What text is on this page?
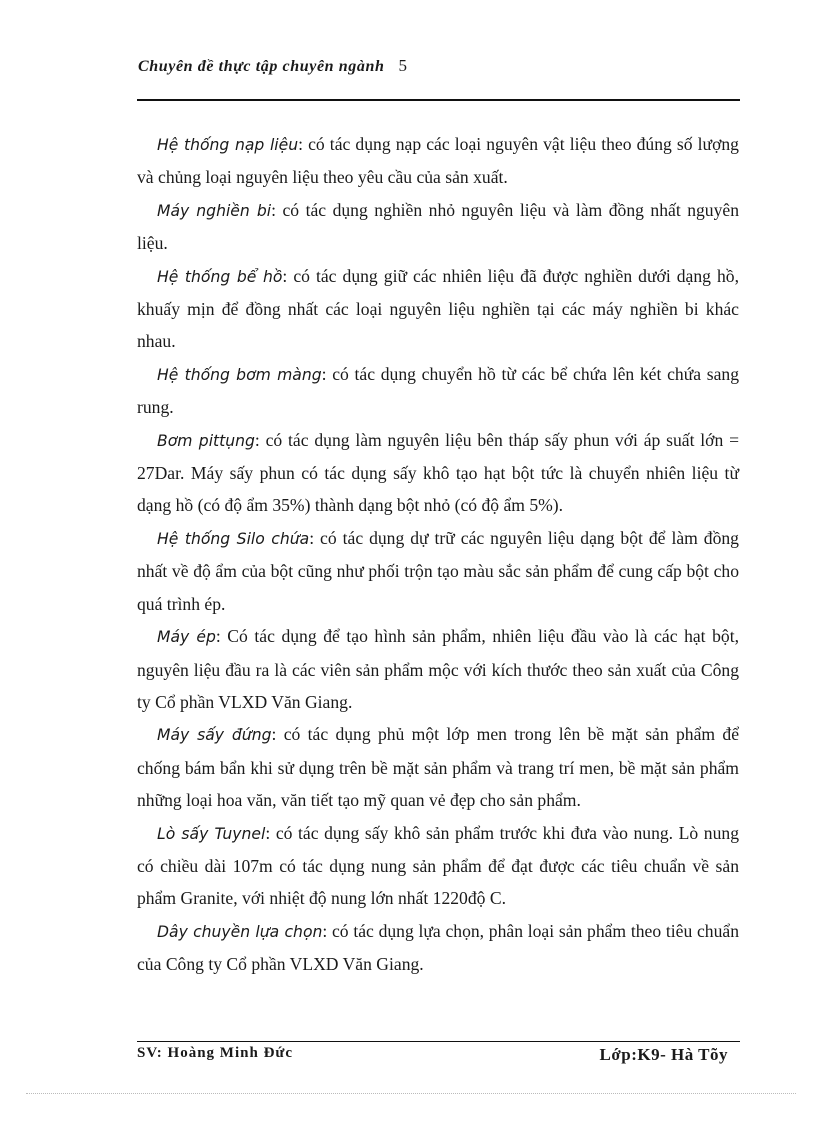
Chuyên đề thực tập chuyên ngành 5

Hệ thống nạp liệu: có tác dụng nạp các loại nguyên vật liệu theo đúng số lượng và chủng loại nguyên liệu theo yêu cầu của sản xuất.

Máy nghiền bi: có tác dụng nghiền nhỏ nguyên liệu và làm đồng nhất nguyên liệu.

Hệ thống bể hồ: có tác dụng giữ các nhiên liệu đã được nghiền dưới dạng hồ, khuấy mịn để đồng nhất các loại nguyên liệu nghiền tại các máy nghiền bi khác nhau.

Hệ thống bơm màng: có tác dụng chuyển hồ từ các bể chứa lên két chứa sang rung.

Bơm pittụng: có tác dụng làm nguyên liệu bên tháp sấy phun với áp suất lớn = 27Dar. Máy sấy phun có tác dụng sấy khô tạo hạt bột tức là chuyển nhiên liệu từ dạng hồ (có độ ẩm 35%) thành dạng bột nhỏ (có độ ẩm 5%).

Hệ thống Silo chứa: có tác dụng dự trữ các nguyên liệu dạng bột để làm đồng nhất về độ ẩm của bột cũng như phối trộn tạo màu sắc sản phẩm để cung cấp bột cho quá trình ép.

Máy ép: Có tác dụng để tạo hình sản phẩm, nhiên liệu đầu vào là các hạt bột, nguyên liệu đầu ra là các viên sản phẩm mộc với kích thước theo sản xuất của Công ty Cổ phần VLXD Văn Giang.

Máy sấy đứng: có tác dụng phủ một lớp men trong lên bề mặt sản phẩm để chống bám bẩn khi sử dụng trên bề mặt sản phẩm và trang trí men, bề mặt sản phẩm những loại hoa văn, văn tiết tạo mỹ quan vẻ đẹp cho sản phẩm.

Lò sấy Tuynel: có tác dụng sấy khô sản phẩm trước khi đưa vào nung. Lò nung có chiều dài 107m có tác dụng nung sản phẩm để đạt được các tiêu chuẩn về sản phẩm Granite, với nhiệt độ nung lớn nhất 1220độ C.

Dây chuyền lựa chọn: có tác dụng lựa chọn, phân loại sản phẩm theo tiêu chuẩn của Công ty Cổ phần VLXD Văn Giang.

SV: Hoàng Minh Đức	Lớp:K9- Hà Tõy
